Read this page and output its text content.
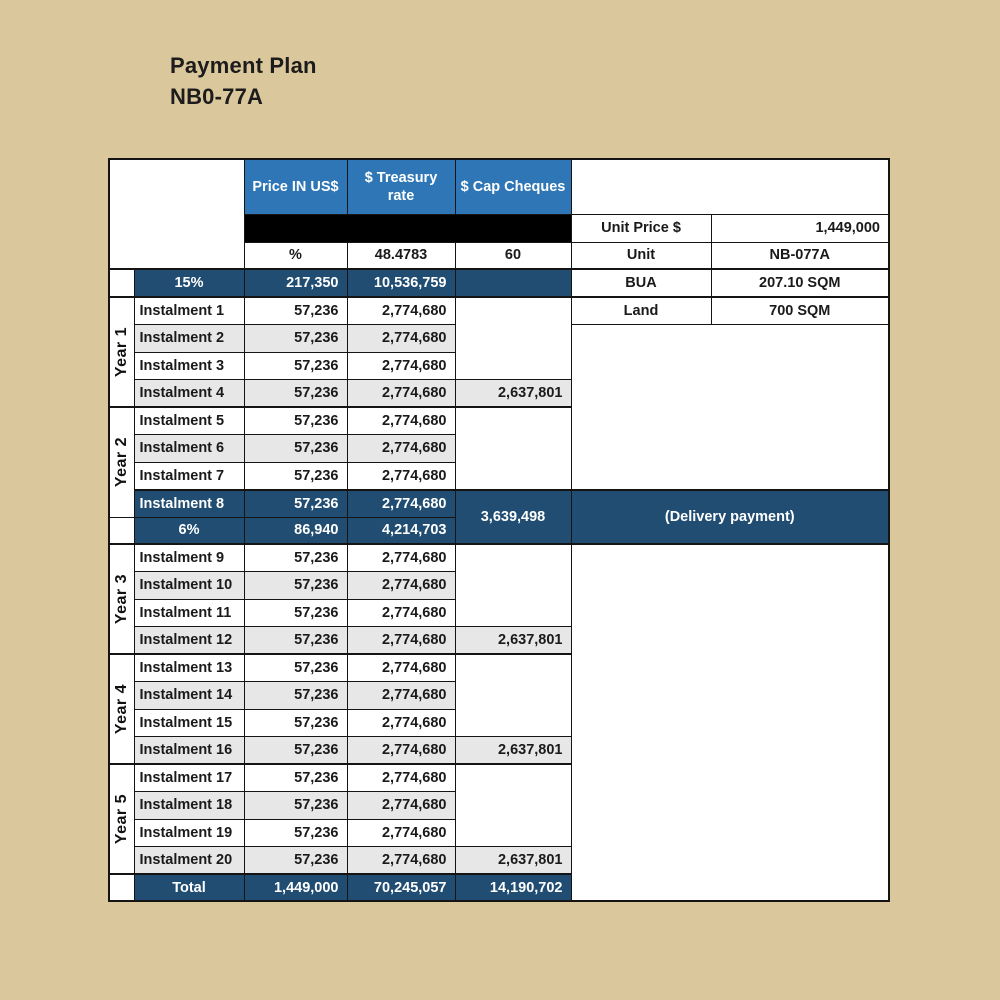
Payment Plan
NB0-77A
		Price IN US$	$ Treasury rate	$ Cap Cheques		
					Unit Price $	1,449,000
		%	48.4783	60	Unit	NB-077A
	15%	217,350	10,536,759		BUA	207.10 SQM

Year 1	Instalment 1	57,236	2,774,680		Land	700 SQM
	Instalment 2	57,236	2,774,680			
	Instalment 3	57,236	2,774,680			
	Instalment 4	57,236	2,774,680	2,637,801		

Year 2	Instalment 5	57,236	2,774,680			
	Instalment 6	57,236	2,774,680			
	Instalment 7	57,236	2,774,680			
	Instalment 8	57,236	2,774,680	3,639,498	(Delivery payment)	
	6%	86,940	4,214,703			

Year 3	Instalment 9	57,236	2,774,680			
	Instalment 10	57,236	2,774,680			
	Instalment 11	57,236	2,774,680			
	Instalment 12	57,236	2,774,680	2,637,801		

Year 4	Instalment 13	57,236	2,774,680			
	Instalment 14	57,236	2,774,680			
	Instalment 15	57,236	2,774,680			
	Instalment 16	57,236	2,774,680	2,637,801		

Year 5	Instalment 17	57,236	2,774,680			
	Instalment 18	57,236	2,774,680			
	Instalment 19	57,236	2,774,680			
	Instalment 20	57,236	2,774,680	2,637,801		
	Total	1,449,000	70,245,057	14,190,702		
